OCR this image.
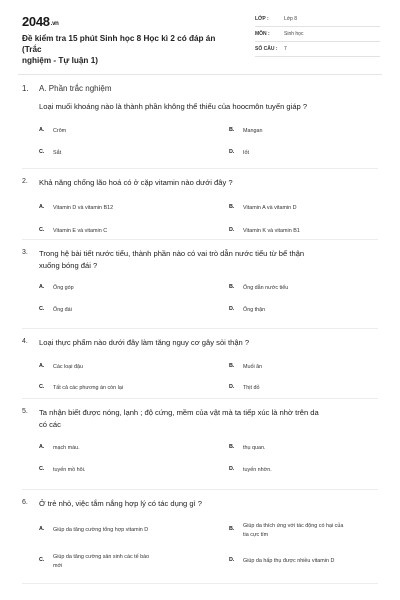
2048.vn
Đề kiểm tra 15 phút Sinh học 8 Học kì 2 có đáp án (Trắc
nghiệm - Tự luận 1)
LỚP :	Lớp 8
MÔN :	Sinh học
SỐ CÂU : 7
1. A. Phần trắc nghiệm
Loại muối khoáng nào là thành phần không thể thiếu của hoocmôn tuyến giáp ?
A. Crôm	B. Mangan
C. Sắt	D. Iốt
2. Khả năng chống lão hoá có ở cặp vitamin nào dưới đây ?
A. Vitamin D và vitamin B12	B. Vitamin A và vitamin D
C. Vitamin E và vitamin C	D. Vitamin K và vitamin B1
3. Trong hệ bài tiết nước tiểu, thành phần nào có vai trò dẫn nước tiểu từ bể thận
xuống bóng đái ?
A. Ống góp	B. Ống dẫn nước tiểu
C. Ống đái	D. Ống thận
4. Loại thực phẩm nào dưới đây làm tăng nguy cơ gây sỏi thận ?
A. Các loại đậu	B. Muối ăn
C. Tất cả các phương án còn lại	D. Thịt đỏ
5. Ta nhận biết được nóng, lạnh ; độ cứng, mềm của vật mà ta tiếp xúc là nhờ trên da
có các
A. mạch máu.	B. thụ quan.
C. tuyến mồ hôi.	D. tuyến nhờn.
6. Ở trẻ nhỏ, việc tắm nắng hợp lý có tác dụng gì ?
A. Giúp da tăng cường tổng hợp vitamin D	B. Giúp da thích ứng với tác động có hại của
tia cực tím
C. Giúp da tăng cường sản sinh các tế bào
mới
D. Giúp da hấp thụ được nhiều vitamin D
